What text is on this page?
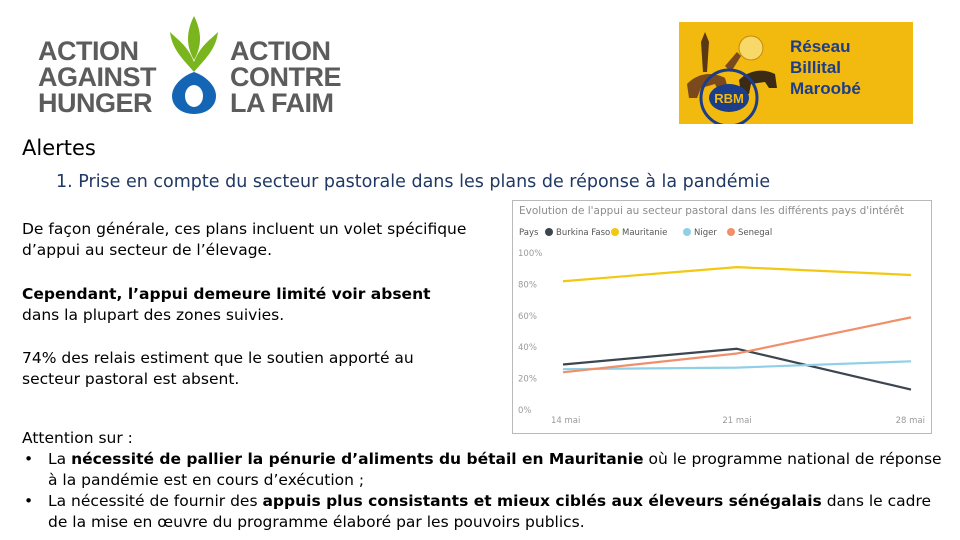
ACTION
AGAINST
HUNGER
ACTION
CONTRE
LA FAIM	RBM
Réseau
Billital
Maroobé
Alertes
1. Prise en compte du secteur pastorale dans les plans de réponse à la pandémie
De façon générale, ces plans incluent un volet spécifique d’appui au secteur de l’élevage.
Cependant, l’appui demeure limité voir absent dans la plupart des zones suivies.
74% des relais estiment que le soutien apporté au secteur pastoral est absent.
Evolution de l'appui au secteur pastoral dans les différents pays d'intérêt
Pays Burkina Faso Mauritanie	Niger Senegal
0%
20%
40%
60%
80%
100%
14 mai	21 mai	28 mai
Attention sur :
• La nécessité de pallier la pénurie d’aliments du bétail en Mauritanie où le programme national de réponse à la pandémie est en cours d’exécution ;
• La nécessité de fournir des appuis plus consistants et mieux ciblés aux éleveurs sénégalais dans le cadre de la mise en œuvre du programme élaboré par les pouvoirs publics.
